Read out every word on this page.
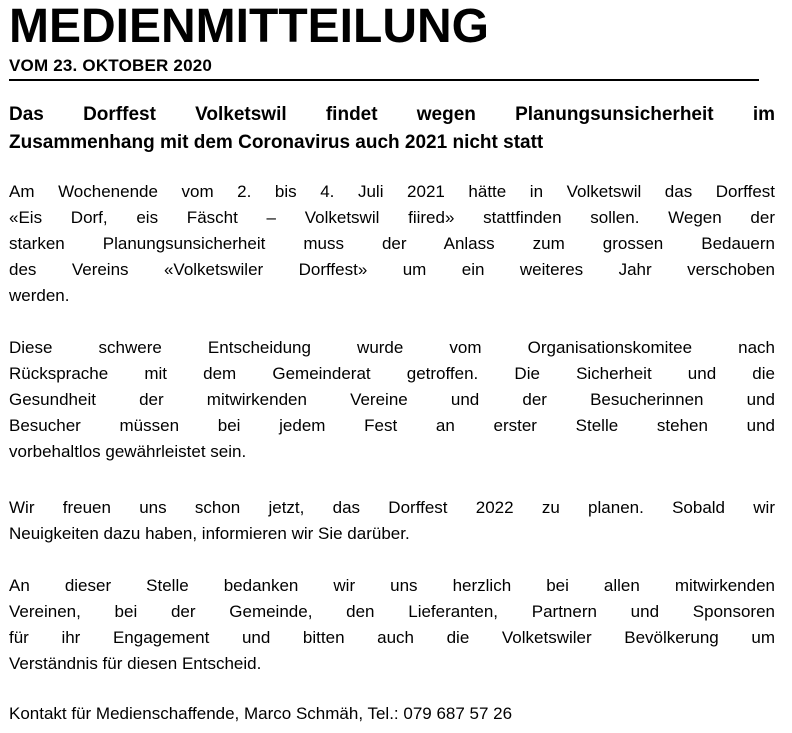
MEDIENMITTEILUNG
VOM 23. OKTOBER 2020
Das Dorffest Volketswil findet wegen Planungsunsicherheit im
Zusammenhang mit dem Coronavirus auch 2021 nicht statt
Am Wochenende vom 2. bis 4. Juli 2021 hätte in Volketswil das Dorffest
«Eis Dorf, eis Fäscht – Volketswil fiired» stattfinden sollen. Wegen der
starken Planungsunsicherheit muss der Anlass zum grossen Bedauern
des Vereins «Volketswiler Dorffest» um ein weiteres Jahr verschoben
werden.
Diese schwere Entscheidung wurde vom Organisationskomitee nach
Rücksprache mit dem Gemeinderat getroffen. Die Sicherheit und die
Gesundheit der mitwirkenden Vereine und der Besucherinnen und
Besucher müssen bei jedem Fest an erster Stelle stehen und
vorbehaltlos gewährleistet sein.
Wir freuen uns schon jetzt, das Dorffest 2022 zu planen. Sobald wir
Neuigkeiten dazu haben, informieren wir Sie darüber.
An dieser Stelle bedanken wir uns herzlich bei allen mitwirkenden
Vereinen, bei der Gemeinde, den Lieferanten, Partnern und Sponsoren
für ihr Engagement und bitten auch die Volketswiler Bevölkerung um
Verständnis für diesen Entscheid.

Kontakt für Medienschaffende, Marco Schmäh, Tel.: 079 687 57 26
